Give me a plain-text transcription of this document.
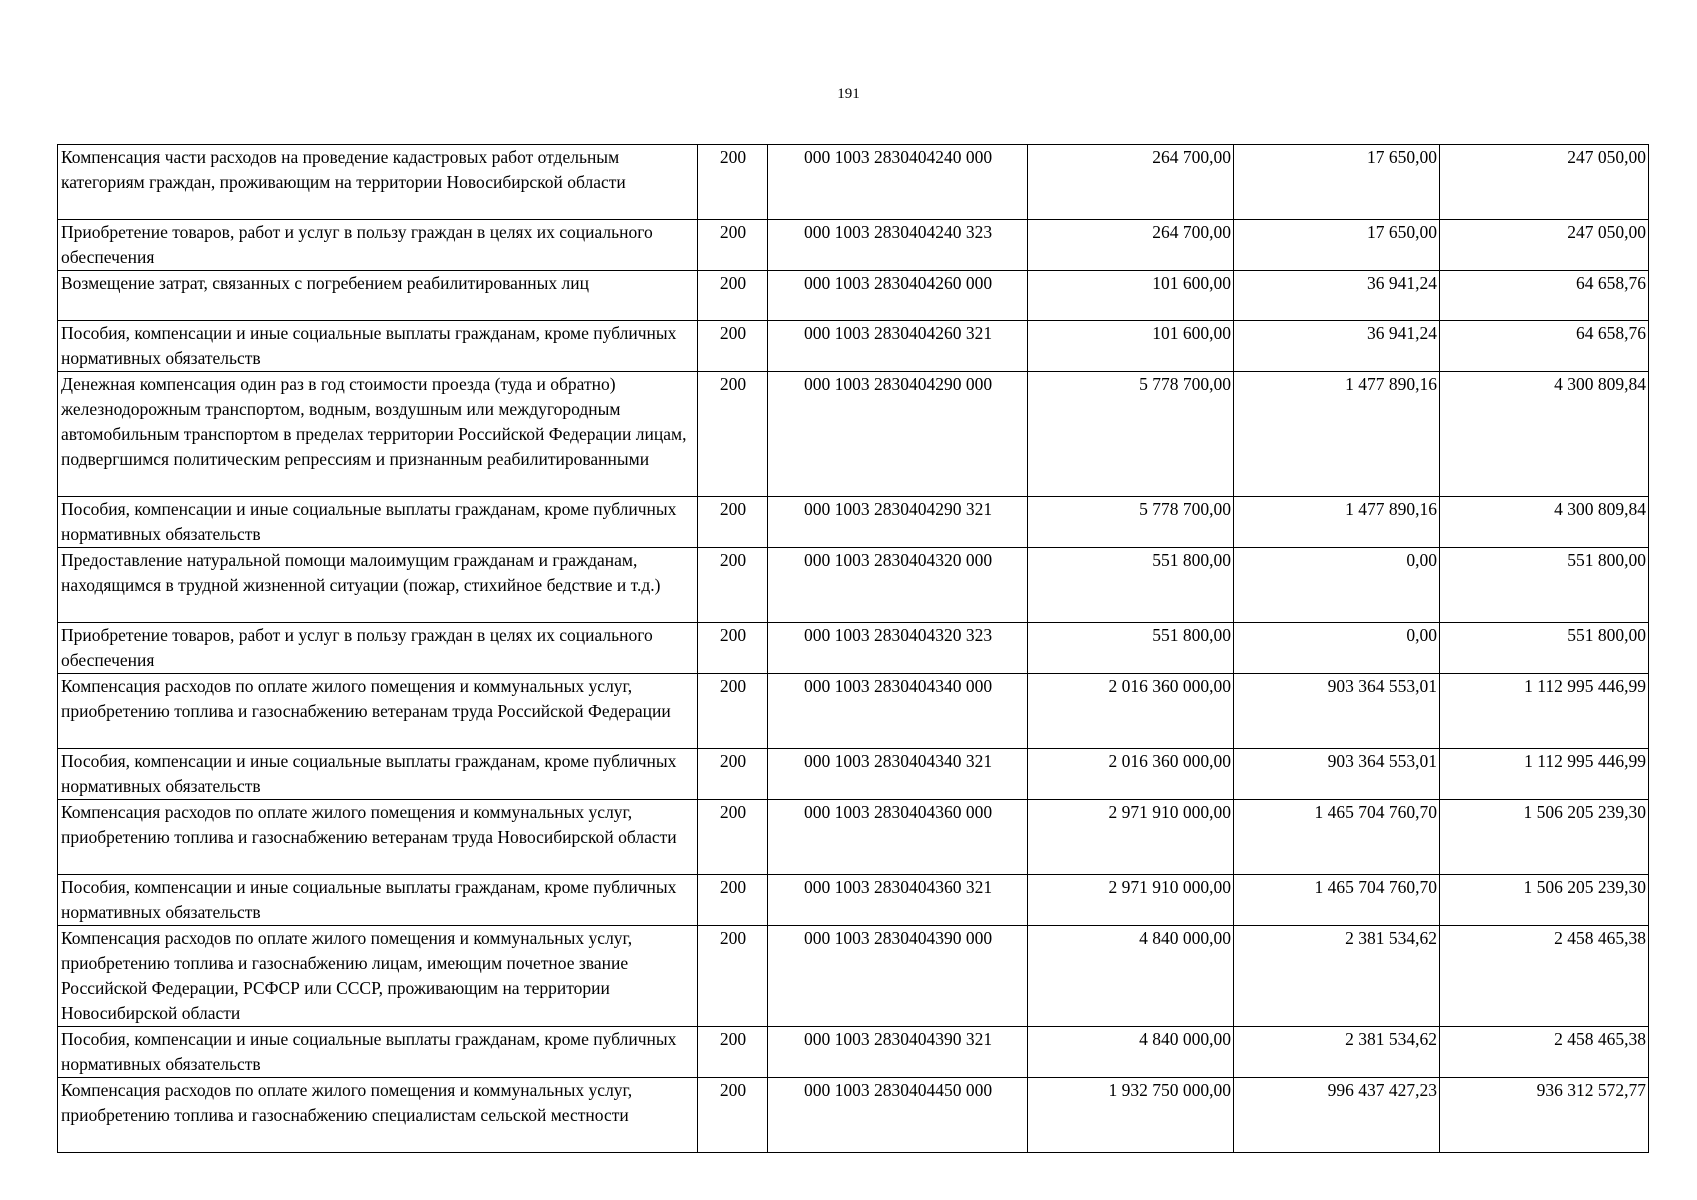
191
Компенсация части расходов на проведение кадастровых работ отдельным категориям граждан, проживающим на территории Новосибирской области	200	000 1003 2830404240 000	264 700,00	17 650,00	247 050,00
Приобретение товаров, работ и услуг в пользу граждан в целях их социального обеспечения	200	000 1003 2830404240 323	264 700,00	17 650,00	247 050,00
Возмещение затрат, связанных с погребением реабилитированных лиц	200	000 1003 2830404260 000	101 600,00	36 941,24	64 658,76
Пособия, компенсации и иные социальные выплаты гражданам, кроме публичных нормативных обязательств	200	000 1003 2830404260 321	101 600,00	36 941,24	64 658,76
Денежная компенсация один раз в год стоимости проезда (туда и обратно) железнодорожным транспортом, водным, воздушным или междугородным автомобильным транспортом в пределах территории Российской Федерации лицам, подвергшимся политическим репрессиям и признанным реабилитированными	200	000 1003 2830404290 000	5 778 700,00	1 477 890,16	4 300 809,84
Пособия, компенсации и иные социальные выплаты гражданам, кроме публичных нормативных обязательств	200	000 1003 2830404290 321	5 778 700,00	1 477 890,16	4 300 809,84
Предоставление натуральной помощи малоимущим гражданам и гражданам, находящимся в трудной жизненной ситуации (пожар, стихийное бедствие и т.д.)	200	000 1003 2830404320 000	551 800,00	0,00	551 800,00
Приобретение товаров, работ и услуг в пользу граждан в целях их социального обеспечения	200	000 1003 2830404320 323	551 800,00	0,00	551 800,00
Компенсация расходов по оплате жилого помещения и коммунальных услуг, приобретению топлива и газоснабжению ветеранам труда Российской Федерации	200	000 1003 2830404340 000	2 016 360 000,00	903 364 553,01	1 112 995 446,99
Пособия, компенсации и иные социальные выплаты гражданам, кроме публичных нормативных обязательств	200	000 1003 2830404340 321	2 016 360 000,00	903 364 553,01	1 112 995 446,99
Компенсация расходов по оплате жилого помещения и коммунальных услуг, приобретению топлива и газоснабжению ветеранам труда Новосибирской области	200	000 1003 2830404360 000	2 971 910 000,00	1 465 704 760,70	1 506 205 239,30
Пособия, компенсации и иные социальные выплаты гражданам, кроме публичных нормативных обязательств	200	000 1003 2830404360 321	2 971 910 000,00	1 465 704 760,70	1 506 205 239,30
Компенсация расходов по оплате жилого помещения и коммунальных услуг, приобретению топлива и газоснабжению лицам, имеющим почетное звание Российской Федерации, РСФСР или СССР, проживающим на территории Новосибирской области	200	000 1003 2830404390 000	4 840 000,00	2 381 534,62	2 458 465,38
Пособия, компенсации и иные социальные выплаты гражданам, кроме публичных нормативных обязательств	200	000 1003 2830404390 321	4 840 000,00	2 381 534,62	2 458 465,38
Компенсация расходов по оплате жилого помещения и коммунальных услуг, приобретению топлива и газоснабжению специалистам сельской местности	200	000 1003 2830404450 000	1 932 750 000,00	996 437 427,23	936 312 572,77
